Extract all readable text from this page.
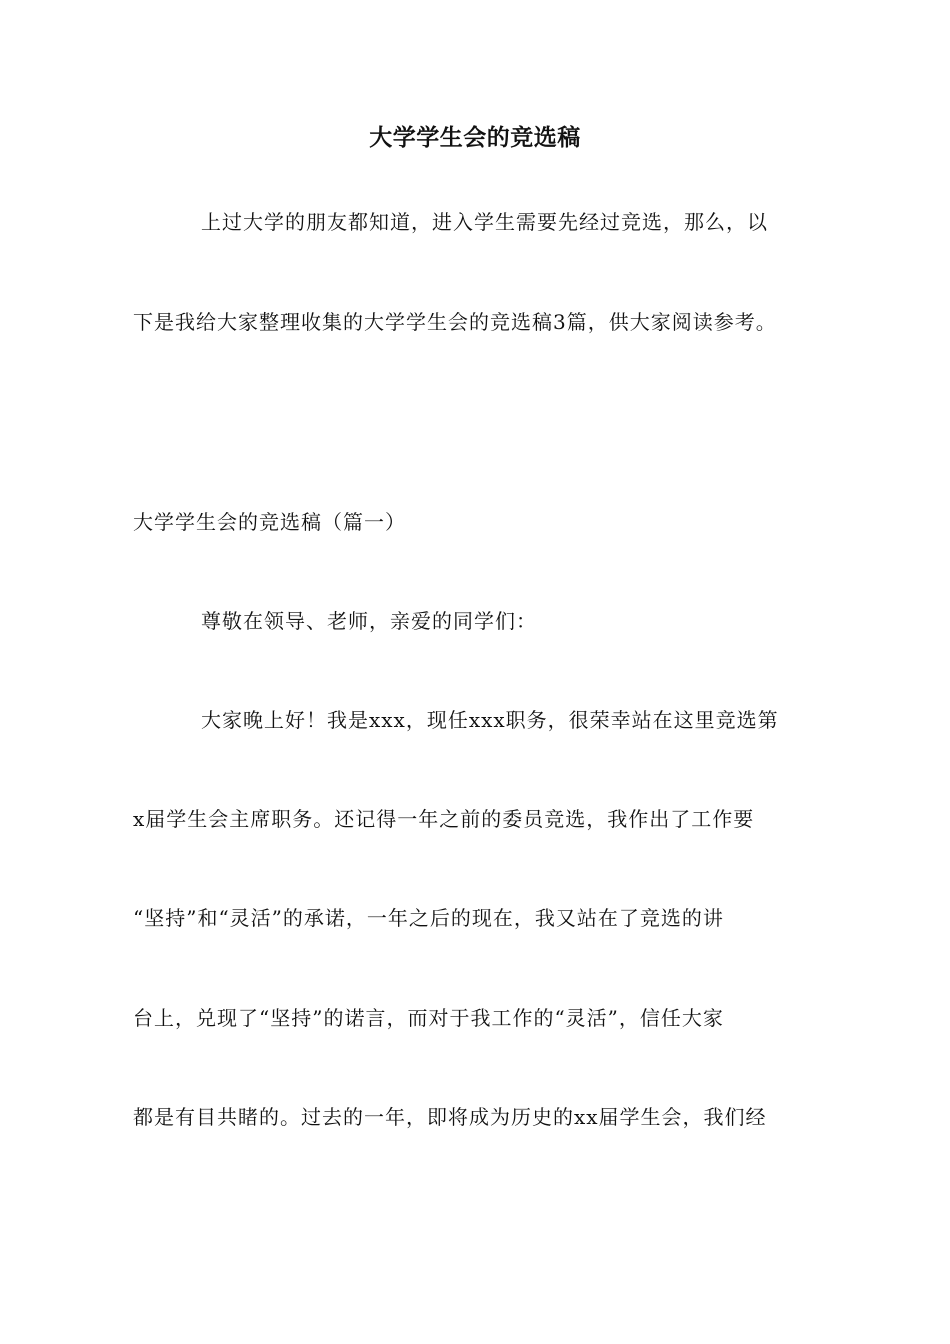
大学学生会的竞选稿
上过大学的朋友都知道，进入学生需要先经过竞选，那么，以
下是我给大家整理收集的大学学生会的竞选稿3篇，供大家阅读参考。
大学学生会的竞选稿（篇一）
尊敬在领导、老师，亲爱的同学们：
大家晚上好！我是xxx，现任xxx职务，很荣幸站在这里竞选第
x届学生会主席职务。还记得一年之前的委员竞选，我作出了工作要
“坚持”和“灵活”的承诺，一年之后的现在，我又站在了竞选的讲
台上，兑现了“坚持”的诺言，而对于我工作的“灵活”，信任大家
都是有目共睹的。过去的一年，即将成为历史的xx届学生会，我们经
